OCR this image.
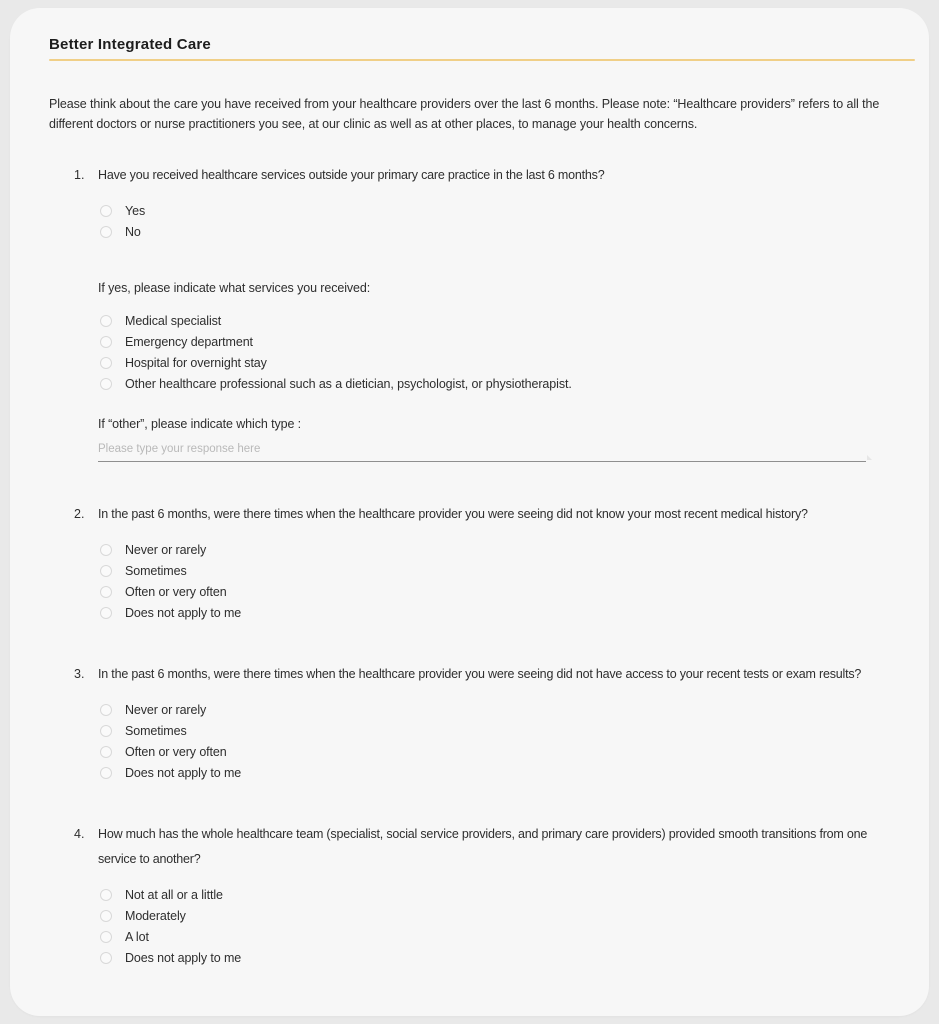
Better Integrated Care
Please think about the care you have received from your healthcare providers over the last 6 months. Please note: “Healthcare providers” refers to all the different doctors or nurse practitioners you see, at our clinic as well as at other places, to manage your health concerns.
1.	Have you received healthcare services outside your primary care practice in the last 6 months?
Yes
No
If yes, please indicate what services you received:
Medical specialist
Emergency department
Hospital for overnight stay
Other healthcare professional such as a dietician, psychologist, or physiotherapist.
If “other”, please indicate which type :
Please type your response here
2.	In the past 6 months, were there times when the healthcare provider you were seeing did not know your most recent medical history?
Never or rarely
Sometimes
Often or very often
Does not apply to me
3.	In the past 6 months, were there times when the healthcare provider you were seeing did not have access to your recent tests or exam results?
Never or rarely
Sometimes
Often or very often
Does not apply to me
4.	How much has the whole healthcare team (specialist, social service providers, and primary care providers) provided smooth transitions from one service to another?
Not at all or a little
Moderately
A lot
Does not apply to me
